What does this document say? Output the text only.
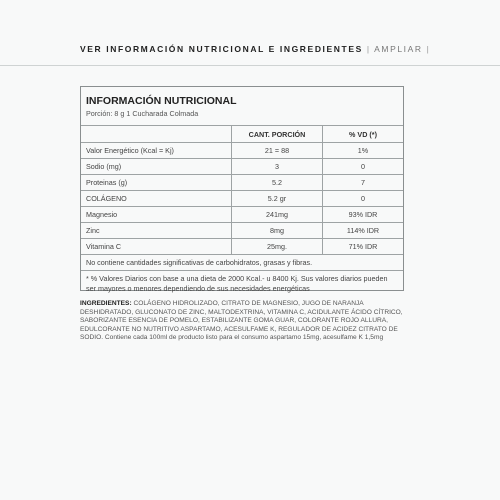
VER INFORMACIÓN NUTRICIONAL E INGREDIENTES | AMPLIAR |
INFORMACIÓN NUTRICIONAL
Porción: 8 g 1 Cucharada Colmada
	CANT. PORCIÓN	% VD (*)
Valor Energético (Kcal = Kj)	21 = 88	1%
Sodio (mg)	3	0
Proteinas (g)	5.2	7
COLÁGENO	5.2 gr	0
Magnesio	241mg	93% IDR
Zinc	8mg	114% IDR
Vitamina C	25mg.	71% IDR
No contiene cantidades significativas de carbohidratos, grasas y fibras.		
* % Valores Diarios con base a una dieta de 2000 Kcal.- u 8400 Kj. Sus valores diarios pueden ser mayores o menores dependiendo de sus necesidades energéticas		
INGREDIENTES: COLÁGENO HIDROLIZADO, CITRATO DE MAGNESIO, JUGO DE NARANJA DESHIDRATADO, GLUCONATO DE ZINC, MALTODEXTRINA, VITAMINA C, ACIDULANTE ÁCIDO CÍTRICO, SABORIZANTE ESENCIA DE POMELO, ESTABILIZANTE GOMA GUAR, COLORANTE ROJO ALLURA, EDULCORANTE NO NUTRITIVO ASPARTAMO, ACESULFAME K, REGULADOR DE ACIDEZ CITRATO DE SODIO. Contiene cada 100ml de producto listo para el consumo aspartamo 15mg, acesulfame K 1,5mg
